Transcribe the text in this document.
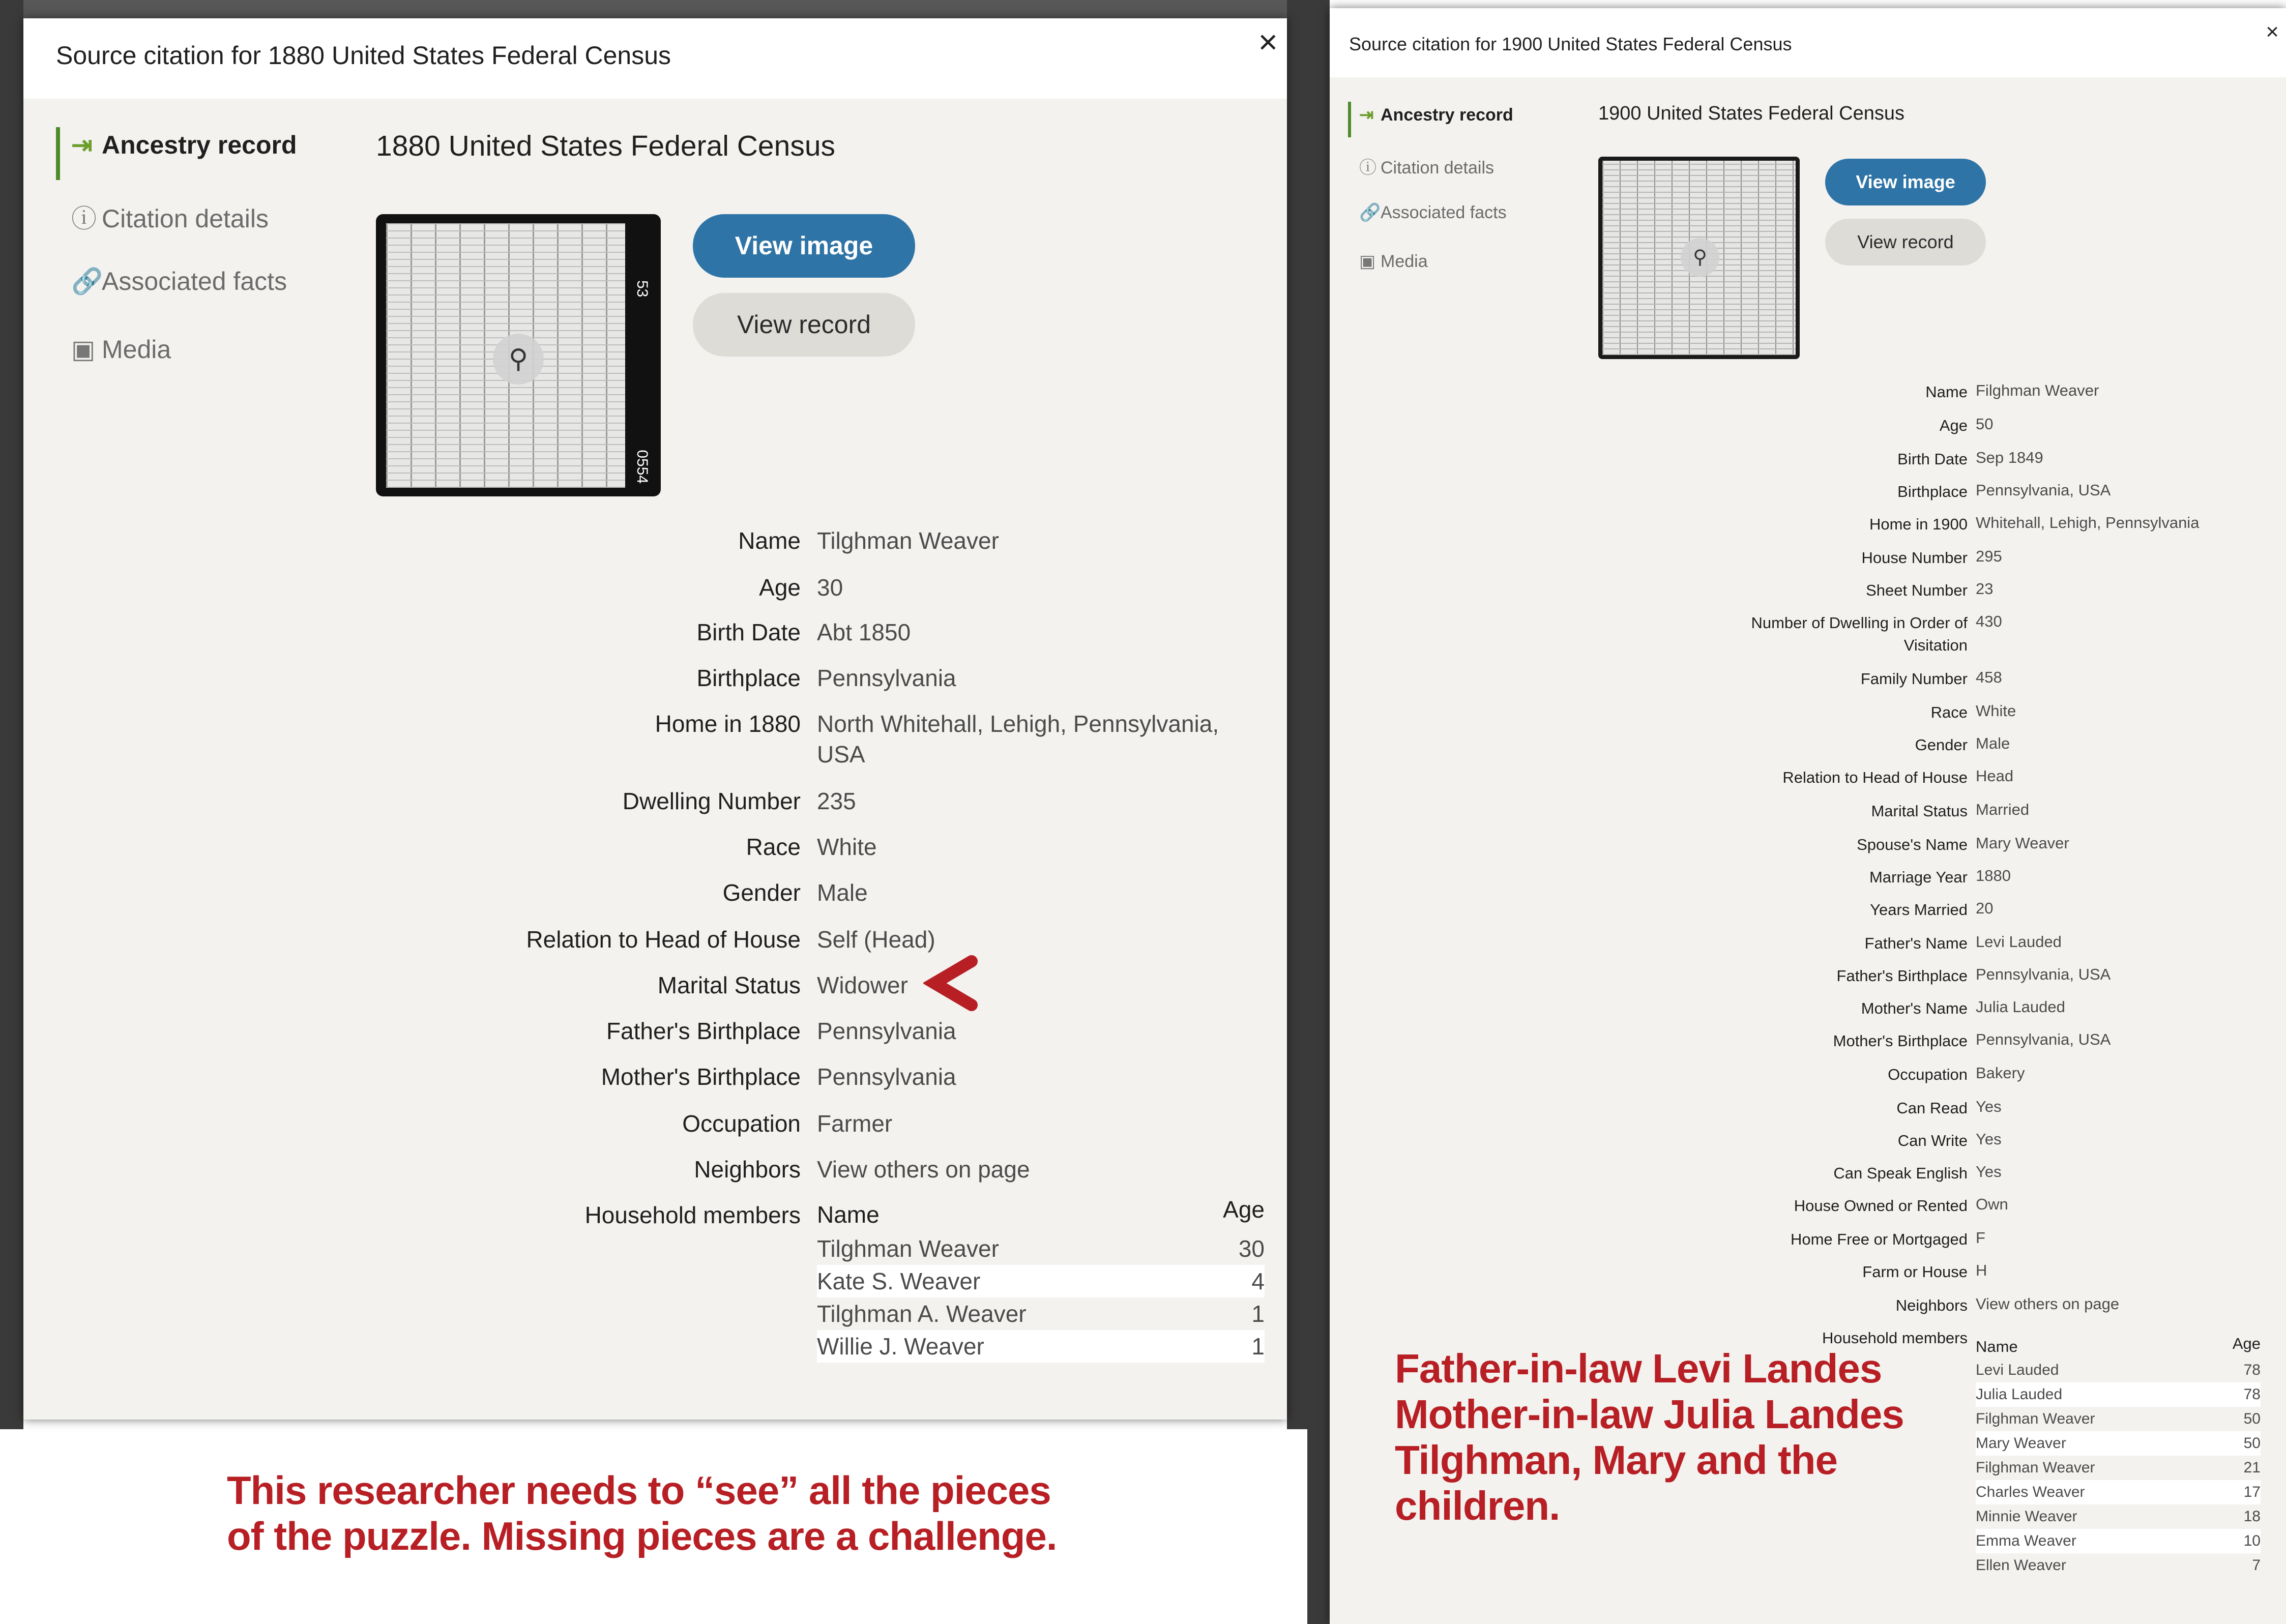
Source citation for 1880 United States Federal Census	×
⇥ Ancestry record
ⓘ Citation details
🔗Associated facts
▣ Media
1880 United States Federal Census
530554
⚲
View image
View record
Name Tilghman Weaver
Age 30
Birth Date Abt 1850
Birthplace Pennsylvania
Home in 1880 North Whitehall, Lehigh, Pennsylvania,
USA
Dwelling Number 235
Race White
Gender Male
Relation to Head of House Self (Head)
Marital Status Widower
Father's Birthplace Pennsylvania
Mother's Birthplace Pennsylvania
Occupation Farmer
Neighbors View others on page
Household members Name	Age
Tilghman Weaver	30
Kate S. Weaver	4
Tilghman A. Weaver	1
Willie J. Weaver	1
This researcher needs to “see” all the pieces
of the puzzle. Missing pieces are a challenge.
Source citation for 1900 United States Federal Census	×
⇥ Ancestry record
ⓘ Citation details
🔗Associated facts
▣ Media
1900 United States Federal Census
⚲
View image
View record
Name Filghman Weaver
Age 50
Birth Date Sep 1849
Birthplace Pennsylvania, USA
Home in 1900 Whitehall, Lehigh, Pennsylvania
House Number 295
Sheet Number 23
Number of Dwelling in Order of
Visitation
430
Family Number 458
Race White
Gender Male
Relation to Head of House Head
Marital Status Married
Spouse's Name Mary Weaver
Marriage Year 1880
Years Married 20
Father's Name Levi Lauded
Father's Birthplace Pennsylvania, USA
Mother's Name Julia Lauded
Mother's Birthplace Pennsylvania, USA
Occupation Bakery
Can Read Yes
Can Write Yes
Can Speak English Yes
House Owned or Rented Own
Home Free or Mortgaged F
Farm or House H
Neighbors View others on page
Household members Name	Age
Levi Lauded	78
Julia Lauded	78
Filghman Weaver	50
Mary Weaver	50
Filghman Weaver	21
Charles Weaver	17
Minnie Weaver	18
Emma Weaver	10
Ellen Weaver	7
Father-in-law Levi Landes
Mother-in-law Julia Landes
Tilghman, Mary and the
children.
